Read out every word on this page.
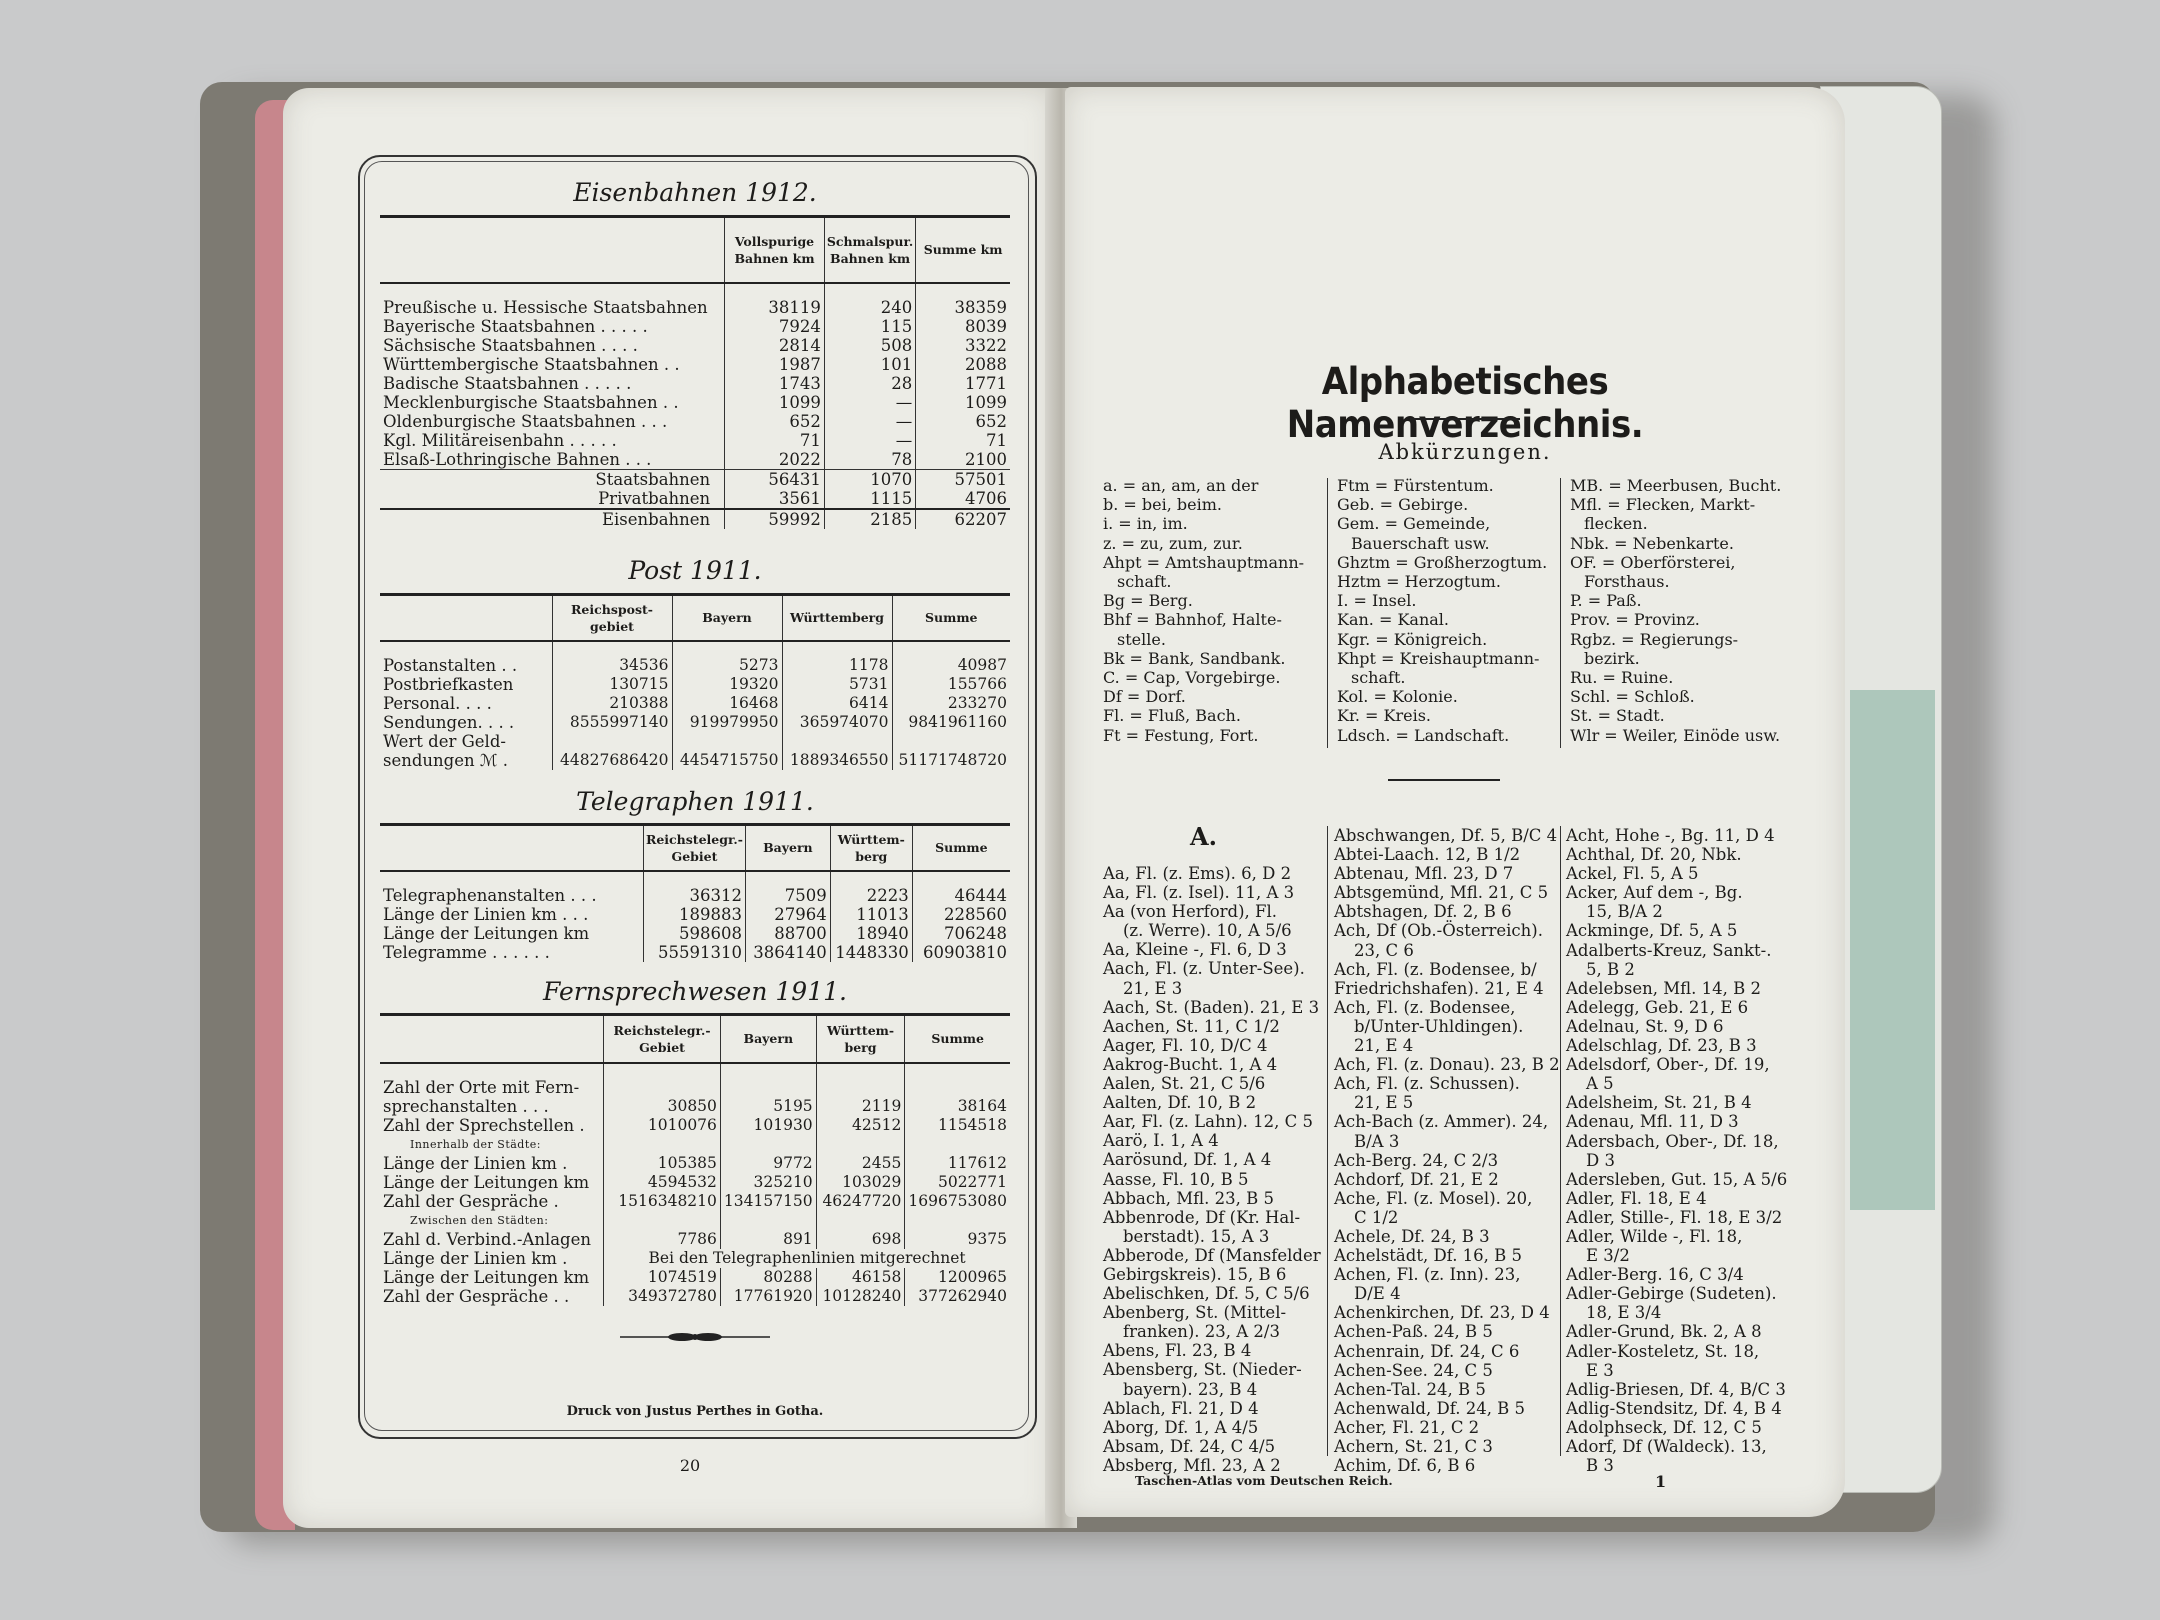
Eisenbahnen 1912.
	Vollspurige Bahnen km	Schmalspur. Bahnen km	Summe km
Preußische u. Hessische Staatsbahnen	38119	240	38359
Bayerische Staatsbahnen . . . . .	7924	115	8039
Sächsische Staatsbahnen . . . .	2814	508	3322
Württembergische Staatsbahnen . .	1987	101	2088
Badische Staatsbahnen . . . . .	1743	28	1771
Mecklenburgische Staatsbahnen . .	1099	—	1099
Oldenburgische Staatsbahnen . . .	652	—	652
Kgl. Militäreisenbahn . . . . .	71	—	71
Elsaß-Lothringische Bahnen . . .	2022	78	2100
Staatsbahnen	56431	1070	57501
Privatbahnen	3561	1115	4706
Eisenbahnen	59992	2185	62207
Post 1911.
	Reichspost-gebiet	Bayern	Württemberg	Summe
Postanstalten . .	34536	5273	1178	40987
Postbriefkasten	130715	19320	5731	155766
Personal. . . .	210388	16468	6414	233270
Sendungen. . . .	8555997140	919979950	365974070	9841961160
Wert der Geld-				
sendungen ℳ .	44827686420	4454715750	1889346550	51171748720
Telegraphen 1911.
	Reichstelegr.-Gebiet	Bayern	Württem-berg	Summe
Telegraphenanstalten . . .	36312	7509	2223	46444
Länge der Linien km . . .	189883	27964	11013	228560
Länge der Leitungen km	598608	88700	18940	706248
Telegramme . . . . . .	55591310	3864140	1448330	60903810
Fernsprechwesen 1911.
	Reichstelegr.-Gebiet	Bayern	Württem-berg	Summe
Zahl der Orte mit Fern-				
sprechanstalten . . .	30850	5195	2119	38164
Zahl der Sprechstellen .	1010076	101930	42512	1154518
Innerhalb der Städte:				
Länge der Linien km .	105385	9772	2455	117612
Länge der Leitungen km	4594532	325210	103029	5022771
Zahl der Gespräche .	1516348210	134157150	46247720	1696753080
Zwischen den Städten:				
Zahl d. Verbind.-Anlagen	7786	891	698	9375
Länge der Linien km .	Bei den Telegraphenlinien mitgerechnet			
Länge der Leitungen km	1074519	80288	46158	1200965
Zahl der Gespräche . .	349372780	17761920	10128240	377262940
Druck von Justus Perthes in Gotha.
20
Alphabetisches Namenverzeichnis.
Abkürzungen.
a. = an, am, an der
b. = bei, beim.
i. = in, im.
z. = zu, zum, zur.
Ahpt = Amtshauptmann-
schaft.
Bg = Berg.
Bhf = Bahnhof, Halte-
stelle.
Bk = Bank, Sandbank.
C. = Cap, Vorgebirge.
Df = Dorf.
Fl. = Fluß, Bach.
Ft = Festung, Fort.
Ftm = Fürstentum.
Geb. = Gebirge.
Gem. = Gemeinde,
Bauerschaft usw.
Ghztm = Großherzogtum.
Hztm = Herzogtum.
I. = Insel.
Kan. = Kanal.
Kgr. = Königreich.
Khpt = Kreishauptmann-
schaft.
Kol. = Kolonie.
Kr. = Kreis.
Ldsch. = Landschaft.
MB. = Meerbusen, Bucht.
Mfl. = Flecken, Markt-
flecken.
Nbk. = Nebenkarte.
OF. = Oberförsterei,
Forsthaus.
P. = Paß.
Prov. = Provinz.
Rgbz. = Regierungs-
bezirk.
Ru. = Ruine.
Schl. = Schloß.
St. = Stadt.
Wlr = Weiler, Einöde usw.
A.
Aa, Fl. (z. Ems). 6, D 2
Aa, Fl. (z. Isel). 11, A 3
Aa (von Herford), Fl.
(z. Werre). 10, A 5/6
Aa, Kleine -, Fl. 6, D 3
Aach, Fl. (z. Unter-See).
21, E 3
Aach, St. (Baden). 21, E 3
Aachen, St. 11, C 1/2
Aager, Fl. 10, D/C 4
Aakrog-Bucht. 1, A 4
Aalen, St. 21, C 5/6
Aalten, Df. 10, B 2
Aar, Fl. (z. Lahn). 12, C 5
Aarö, I. 1, A 4
Aarösund, Df. 1, A 4
Aasse, Fl. 10, B 5
Abbach, Mfl. 23, B 5
Abbenrode, Df (Kr. Hal-
berstadt). 15, A 3
Abberode, Df (Mansfelder
Gebirgskreis). 15, B 6
Abelischken, Df. 5, C 5/6
Abenberg, St. (Mittel-
franken). 23, A 2/3
Abens, Fl. 23, B 4
Abensberg, St. (Nieder-
bayern). 23, B 4
Ablach, Fl. 21, D 4
Aborg, Df. 1, A 4/5
Absam, Df. 24, C 4/5
Absberg, Mfl. 23, A 2
Abschwangen, Df. 5, B/C 4
Abtei-Laach. 12, B 1/2
Abtenau, Mfl. 23, D 7
Abtsgemünd, Mfl. 21, C 5
Abtshagen, Df. 2, B 6
Ach, Df (Ob.-Österreich).
23, C 6
Ach, Fl. (z. Bodensee, b/
Friedrichshafen). 21, E 4
Ach, Fl. (z. Bodensee,
b/Unter-Uhldingen).
21, E 4
Ach, Fl. (z. Donau). 23, B 2
Ach, Fl. (z. Schussen).
21, E 5
Ach-Bach (z. Ammer). 24,
B/A 3
Ach-Berg. 24, C 2/3
Achdorf, Df. 21, E 2
Ache, Fl. (z. Mosel). 20,
C 1/2
Achele, Df. 24, B 3
Achelstädt, Df. 16, B 5
Achen, Fl. (z. Inn). 23,
D/E 4
Achenkirchen, Df. 23, D 4
Achen-Paß. 24, B 5
Achenrain, Df. 24, C 6
Achen-See. 24, C 5
Achen-Tal. 24, B 5
Achenwald, Df. 24, B 5
Acher, Fl. 21, C 2
Achern, St. 21, C 3
Achim, Df. 6, B 6
Acht, Hohe -, Bg. 11, D 4
Achthal, Df. 20, Nbk.
Ackel, Fl. 5, A 5
Acker, Auf dem -, Bg.
15, B/A 2
Ackminge, Df. 5, A 5
Adalberts-Kreuz, Sankt-.
5, B 2
Adelebsen, Mfl. 14, B 2
Adelegg, Geb. 21, E 6
Adelnau, St. 9, D 6
Adelschlag, Df. 23, B 3
Adelsdorf, Ober-, Df. 19,
A 5
Adelsheim, St. 21, B 4
Adenau, Mfl. 11, D 3
Adersbach, Ober-, Df. 18,
D 3
Adersleben, Gut. 15, A 5/6
Adler, Fl. 18, E 4
Adler, Stille-, Fl. 18, E 3/2
Adler, Wilde -, Fl. 18,
E 3/2
Adler-Berg. 16, C 3/4
Adler-Gebirge (Sudeten).
18, E 3/4
Adler-Grund, Bk. 2, A 8
Adler-Kosteletz, St. 18,
E 3
Adlig-Briesen, Df. 4, B/C 3
Adlig-Stendsitz, Df. 4, B 4
Adolphseck, Df. 12, C 5
Adorf, Df (Waldeck). 13,
B 3
Taschen-Atlas vom Deutschen Reich.	1
